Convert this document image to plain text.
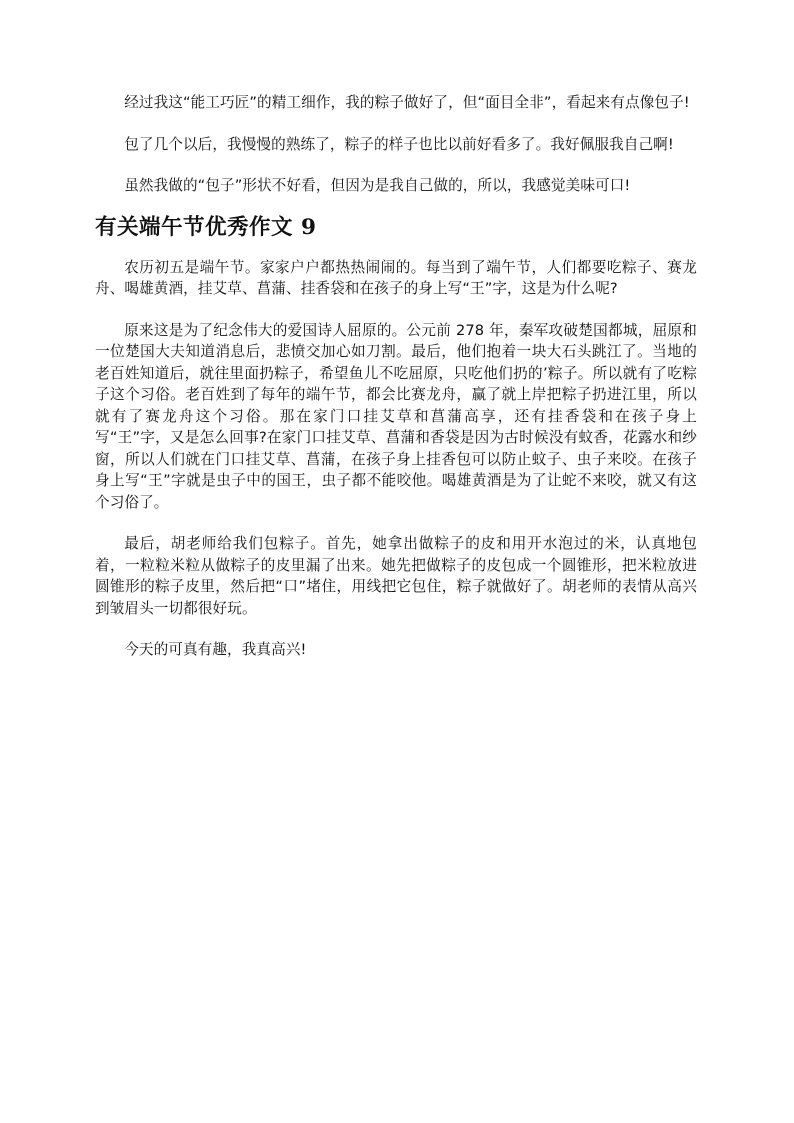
经过我这“能工巧匠”的精工细作，我的粽子做好了，但“面目全非”，看起来有点像包子!

包了几个以后，我慢慢的熟练了，粽子的样子也比以前好看多了。我好佩服我自己啊!

虽然我做的“包子”形状不好看，但因为是我自己做的，所以，我感觉美味可口!

有关端午节优秀作文 9

农历初五是端午节。家家户户都热热闹闹的。每当到了端午节，人们都要吃粽子、赛龙舟、喝雄黄酒，挂艾草、菖蒲、挂香袋和在孩子的身上写“王”字，这是为什么呢?

原来这是为了纪念伟大的爱国诗人屈原的。公元前 278 年，秦军攻破楚国都城，屈原和一位楚国大夫知道消息后，悲愤交加心如刀割。最后，他们抱着一块大石头跳江了。当地的老百姓知道后，就往里面扔粽子，希望鱼儿不吃屈原，只吃他们扔的’粽子。所以就有了吃粽子这个习俗。老百姓到了每年的端午节，都会比赛龙舟，赢了就上岸把粽子扔进江里，所以就有了赛龙舟这个习俗。那在家门口挂艾草和菖蒲高享，还有挂香袋和在孩子身上写“王”字，又是怎么回事?在家门口挂艾草、菖蒲和香袋是因为古时候没有蚊香，花露水和纱窗，所以人们就在门口挂艾草、菖蒲，在孩子身上挂香包可以防止蚊子、虫子来咬。在孩子身上写“王”字就是虫子中的国王，虫子都不能咬他。喝雄黄酒是为了让蛇不来咬，就又有这个习俗了。

最后，胡老师给我们包粽子。首先，她拿出做粽子的皮和用开水泡过的米，认真地包着，一粒粒米粒从做粽子的皮里漏了出来。她先把做粽子的皮包成一个圆锥形，把米粒放进圆锥形的粽子皮里，然后把“口”堵住，用线把它包住，粽子就做好了。胡老师的表情从高兴到皱眉头一切都很好玩。

今天的可真有趣，我真高兴!
